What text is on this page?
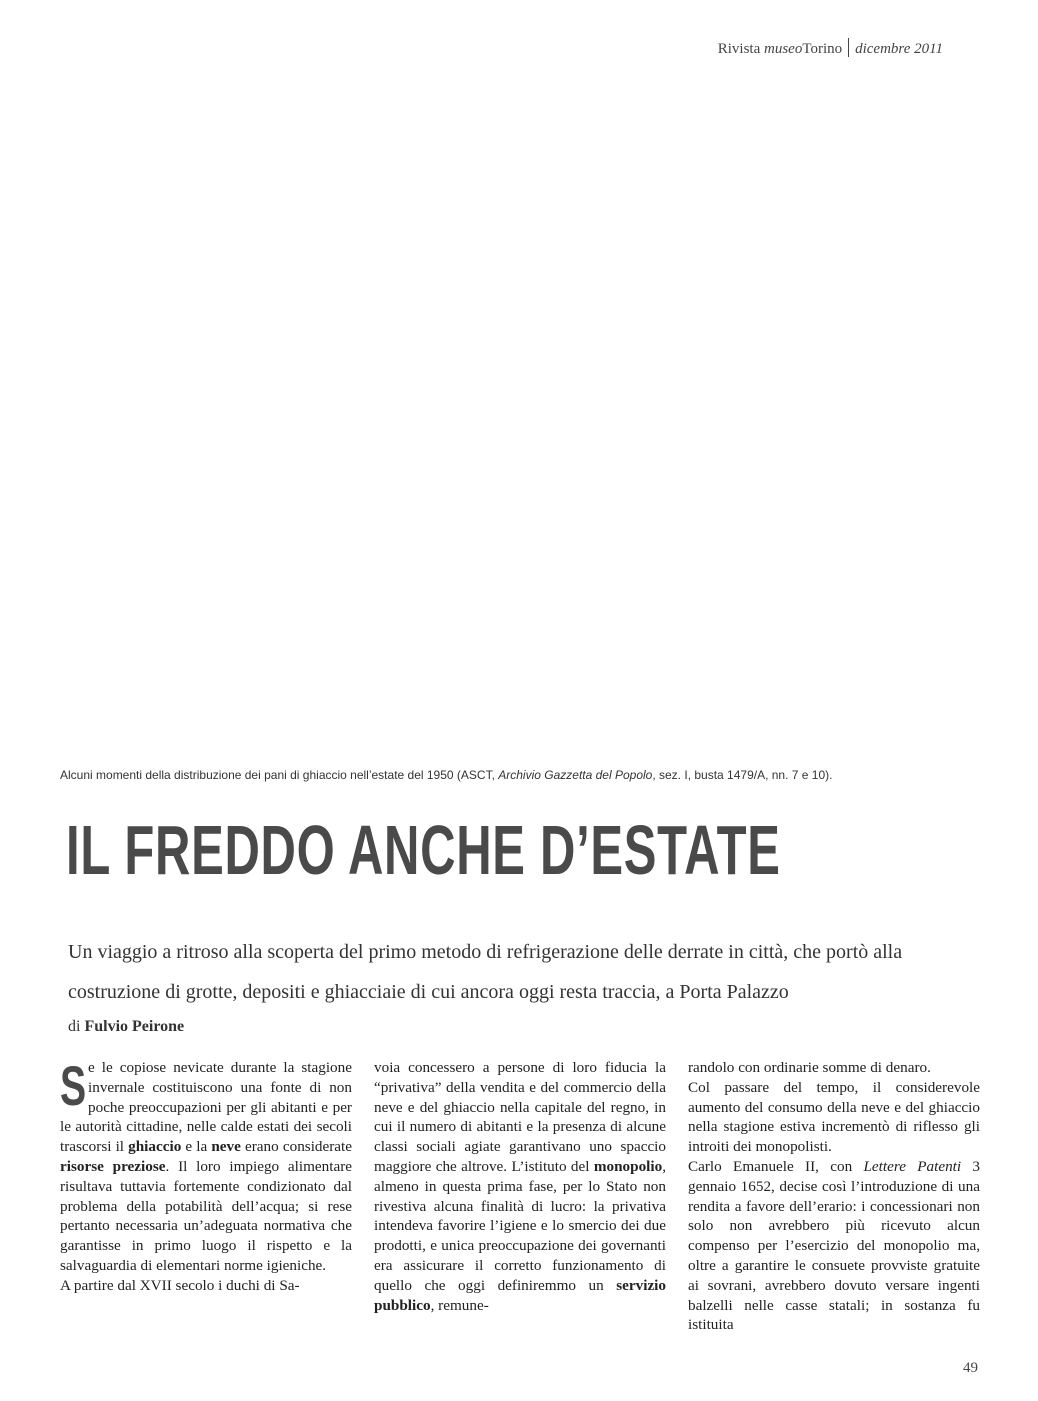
Rivista museoTorino dicembre 2011
Alcuni momenti della distribuzione dei pani di ghiaccio nell’estate del 1950 (ASCT, Archivio Gazzetta del Popolo, sez. I, busta 1479/A, nn. 7 e 10).
IL FREDDO ANCHE D’ESTATE
Un viaggio a ritroso alla scoperta del primo metodo di refrigerazione delle derrate in città, che portò alla costruzione di grotte, depositi e ghiacciaie di cui ancora oggi resta traccia, a Porta Palazzo
di Fulvio Peirone

Se le copiose nevicate durante la stagione invernale costituiscono una fonte di non poche preoccupazioni per gli abitanti e per le autorità cittadine, nelle calde estati dei secoli trascorsi il ghiaccio e la neve erano considerate risorse preziose. Il loro impiego alimentare risultava tuttavia fortemente condizionato dal problema della potabilità dell’acqua; si rese pertanto necessaria un’adeguata normativa che garantisse in primo luogo il rispetto e la salvaguardia di elementari norme igieniche.

A partire dal XVII secolo i duchi di Sa-

voia concessero a persone di loro fiducia la “privativa” della vendita e del commercio della neve e del ghiaccio nella capitale del regno, in cui il numero di abitanti e la presenza di alcune classi sociali agiate garantivano uno spaccio maggiore che altrove. L’istituto del monopolio, almeno in questa prima fase, per lo Stato non rivestiva alcuna finalità di lucro: la privativa intendeva favorire l’igiene e lo smercio dei due prodotti, e unica preoccupazione dei governanti era assicurare il corretto funzionamento di quello che oggi definiremmo un servizio pubblico, remune-

randolo con ordinarie somme di denaro.

Col passare del tempo, il considerevole aumento del consumo della neve e del ghiaccio nella stagione estiva incrementò di riflesso gli introiti dei monopolisti.

Carlo Emanuele II, con Lettere Patenti 3 gennaio 1652, decise così l’introduzione di una rendita a favore dell’erario: i concessionari non solo non avrebbero più ricevuto alcun compenso per l’esercizio del monopolio ma, oltre a garantire le consuete provviste gratuite ai sovrani, avrebbero dovuto versare ingenti balzelli nelle casse statali; in sostanza fu istituita

49
